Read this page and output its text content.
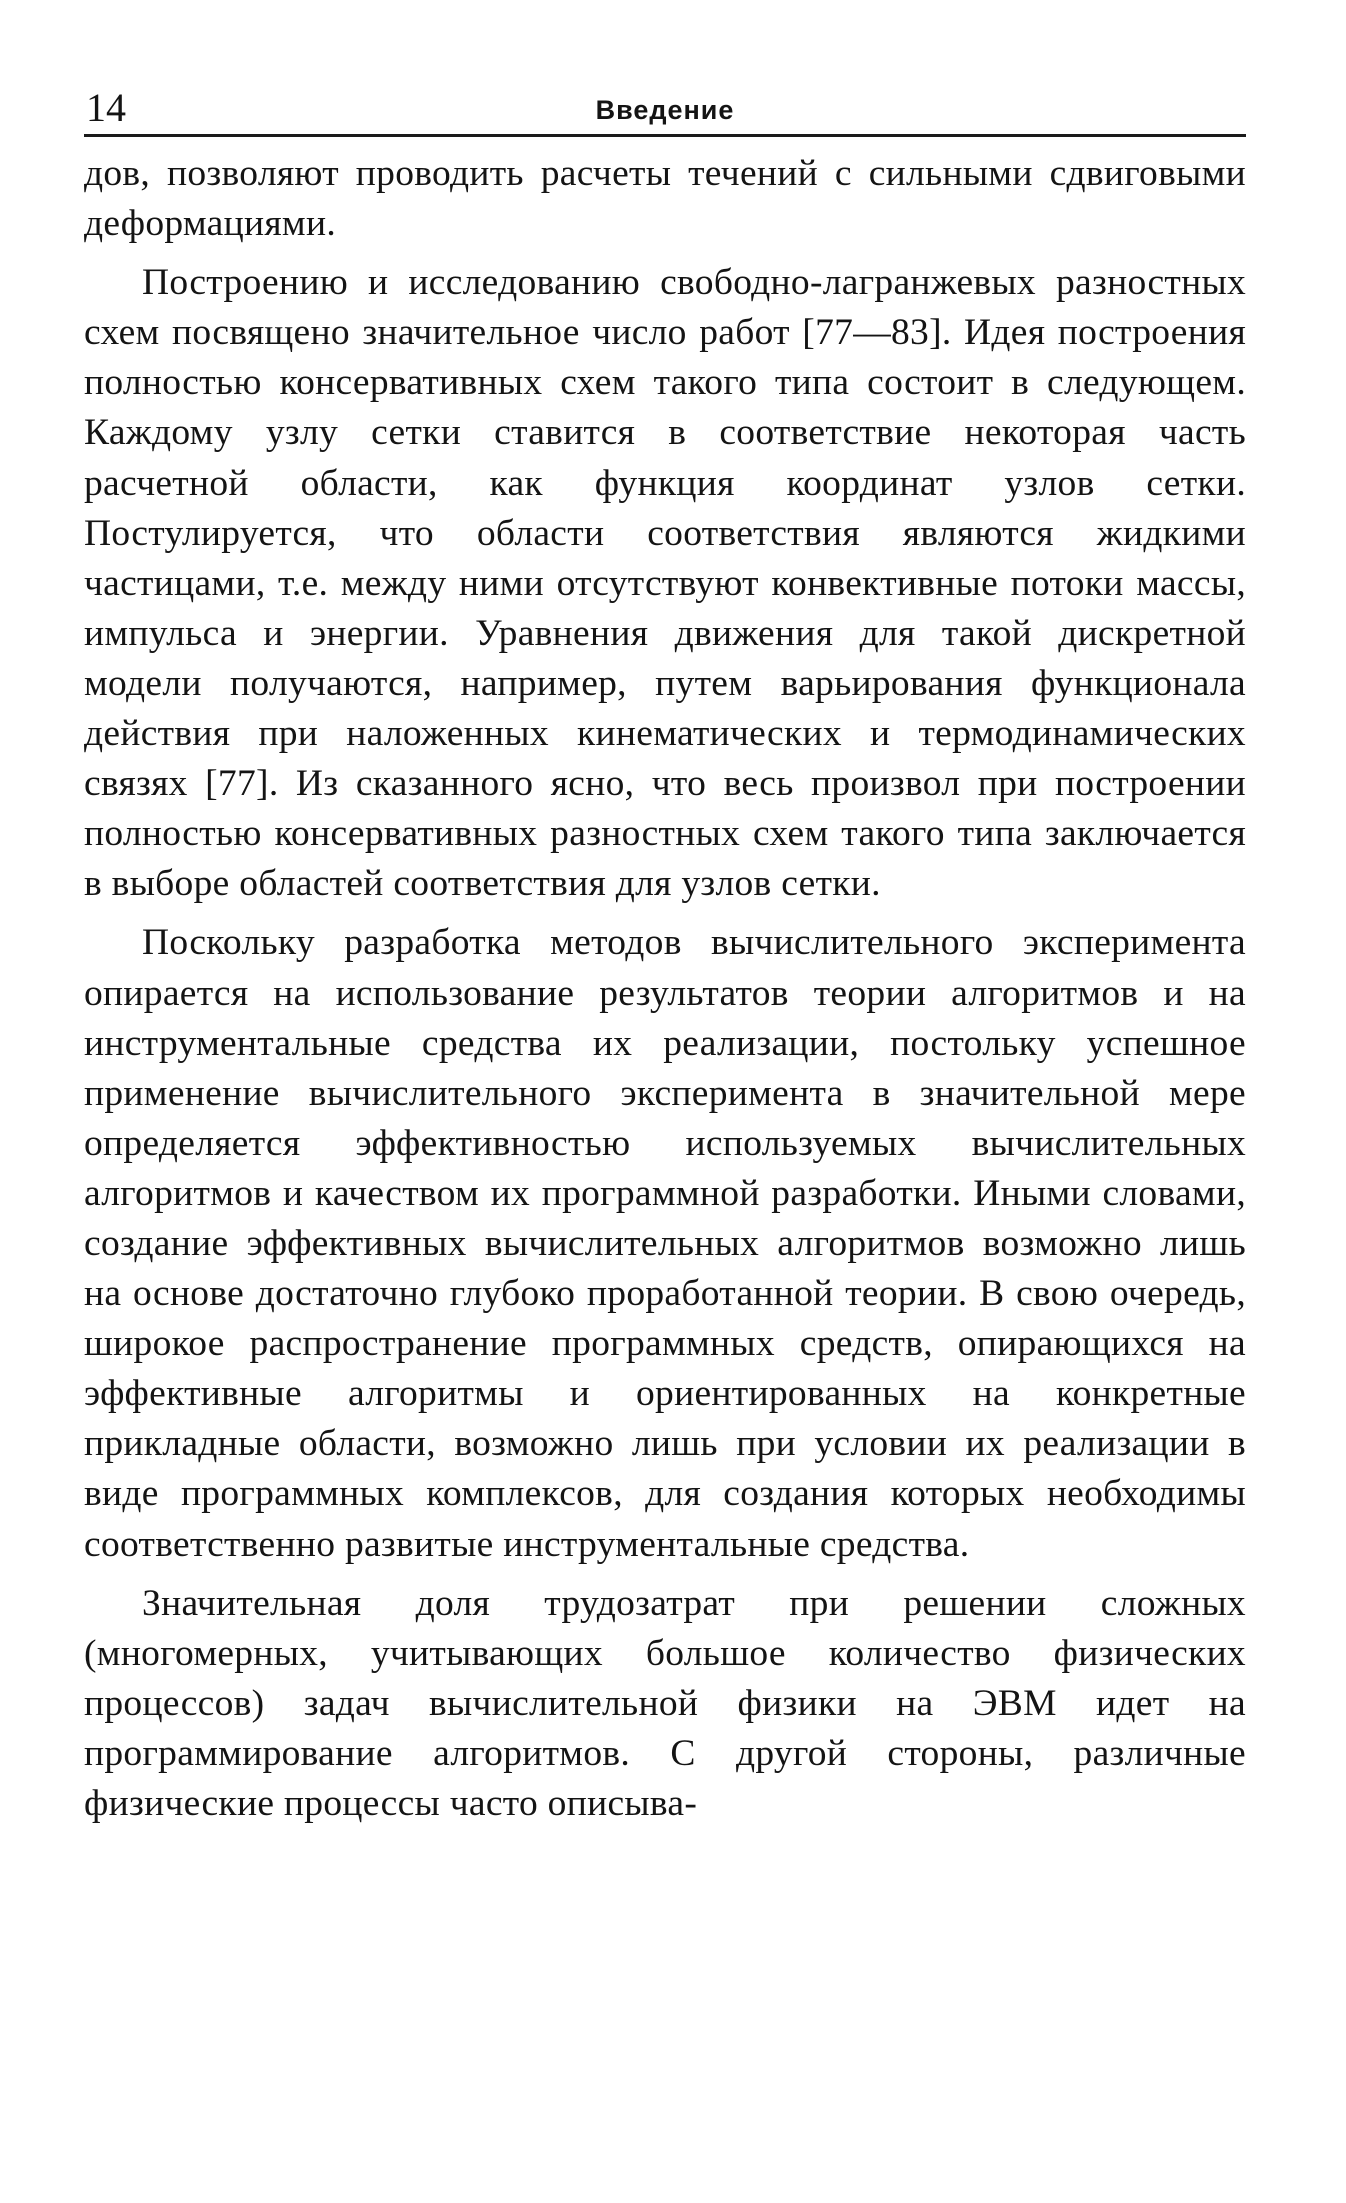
14	Введение

дов, позволяют проводить расчеты течений с сильными сдвиговыми деформациями.

Построению и исследованию свободно-лагранжевых разностных схем посвящено значительное число работ [77—83]. Идея построения полностью консервативных схем такого типа состоит в следующем. Каждому узлу сетки ставится в соответствие некоторая часть расчетной области, как функция координат узлов сетки. Постулируется, что области соответствия являются жидкими частицами, т.е. между ними отсутствуют конвективные потоки массы, импульса и энергии. Уравнения движения для такой дискретной модели получаются, например, путем варьирования функционала действия при наложенных кинематических и термодинамических связях [77]. Из сказанного ясно, что весь произвол при построении полностью консервативных разностных схем такого типа заключается в выборе областей соответствия для узлов сетки.

Поскольку разработка методов вычислительного эксперимента опирается на использование результатов теории алгоритмов и на инструментальные средства их реализации, постольку успешное применение вычислительного эксперимента в значительной мере определяется эффективностью используемых вычислительных алгоритмов и качеством их программной разработки. Иными словами, создание эффективных вычислительных алгоритмов возможно лишь на основе достаточно глубоко проработанной теории. В свою очередь, широкое распространение программных средств, опирающихся на эффективные алгоритмы и ориентированных на конкретные прикладные области, возможно лишь при условии их реализации в виде программных комплексов, для создания которых необходимы соответственно развитые инструментальные средства.

Значительная доля трудозатрат при решении сложных (многомерных, учитывающих большое количество физических процессов) задач вычислительной физики на ЭВМ идет на программирование алгоритмов. С другой стороны, различные физические процессы часто описыва-
